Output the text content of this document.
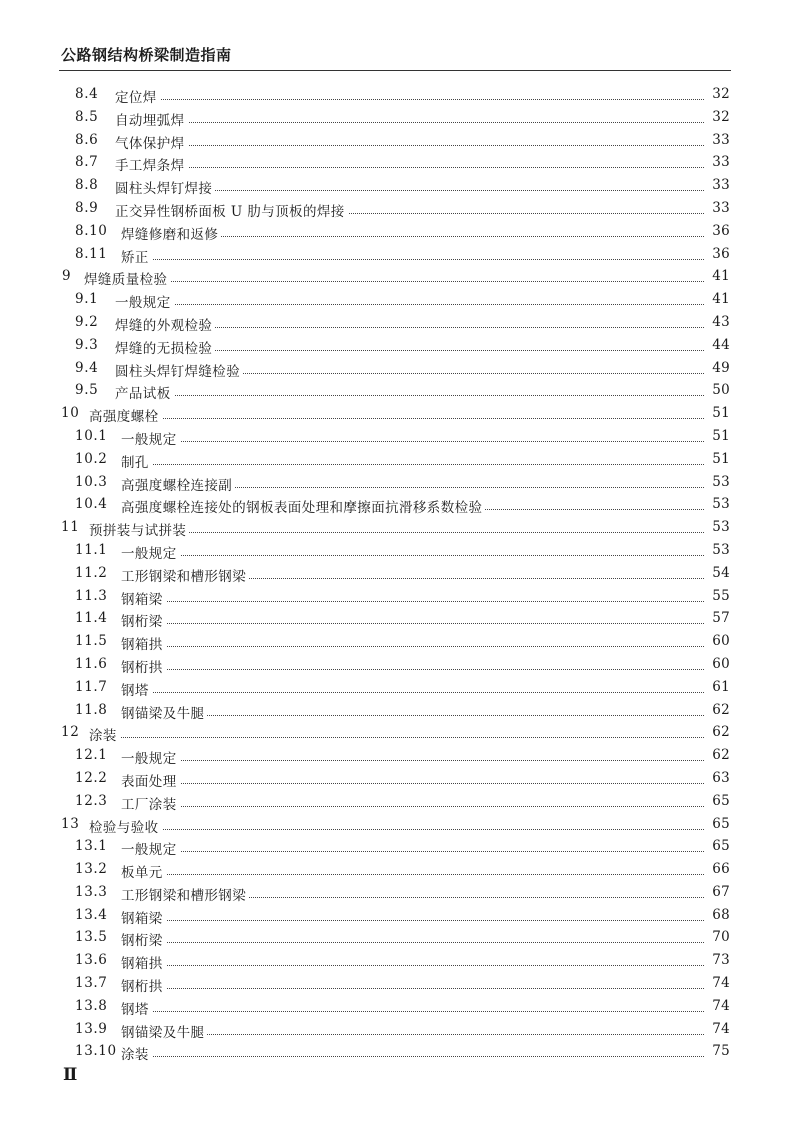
公路钢结构桥梁制造指南
8.4 定位焊	32
8.5 自动埋弧焊	32
8.6 气体保护焊	33
8.7 手工焊条焊	33
8.8 圆柱头焊钉焊接	33
8.9 正交异性钢桥面板 U 肋与顶板的焊接	33
8.10 焊缝修磨和返修	36
8.11 矫正	36
9 焊缝质量检验	41
9.1 一般规定	41
9.2 焊缝的外观检验	43
9.3 焊缝的无损检验	44
9.4 圆柱头焊钉焊缝检验	49
9.5 产品试板	50
10 高强度螺栓	51
10.1 一般规定	51
10.2 制孔	51
10.3 高强度螺栓连接副	53
10.4 高强度螺栓连接处的钢板表面处理和摩擦面抗滑移系数检验	53
11 预拼装与试拼装	53
11.1 一般规定	53
11.2 工形钢梁和槽形钢梁	54
11.3 钢箱梁	55
11.4 钢桁梁	57
11.5 钢箱拱	60
11.6 钢桁拱	60
11.7 钢塔	61
11.8 钢锚梁及牛腿	62
12 涂装	62
12.1 一般规定	62
12.2 表面处理	63
12.3 工厂涂装	65
13 检验与验收	65
13.1 一般规定	65
13.2 板单元	66
13.3 工形钢梁和槽形钢梁	67
13.4 钢箱梁	68
13.5 钢桁梁	70
13.6 钢箱拱	73
13.7 钢桁拱	74
13.8 钢塔	74
13.9 钢锚梁及牛腿	74
13.10 涂装	75
Ⅱ
